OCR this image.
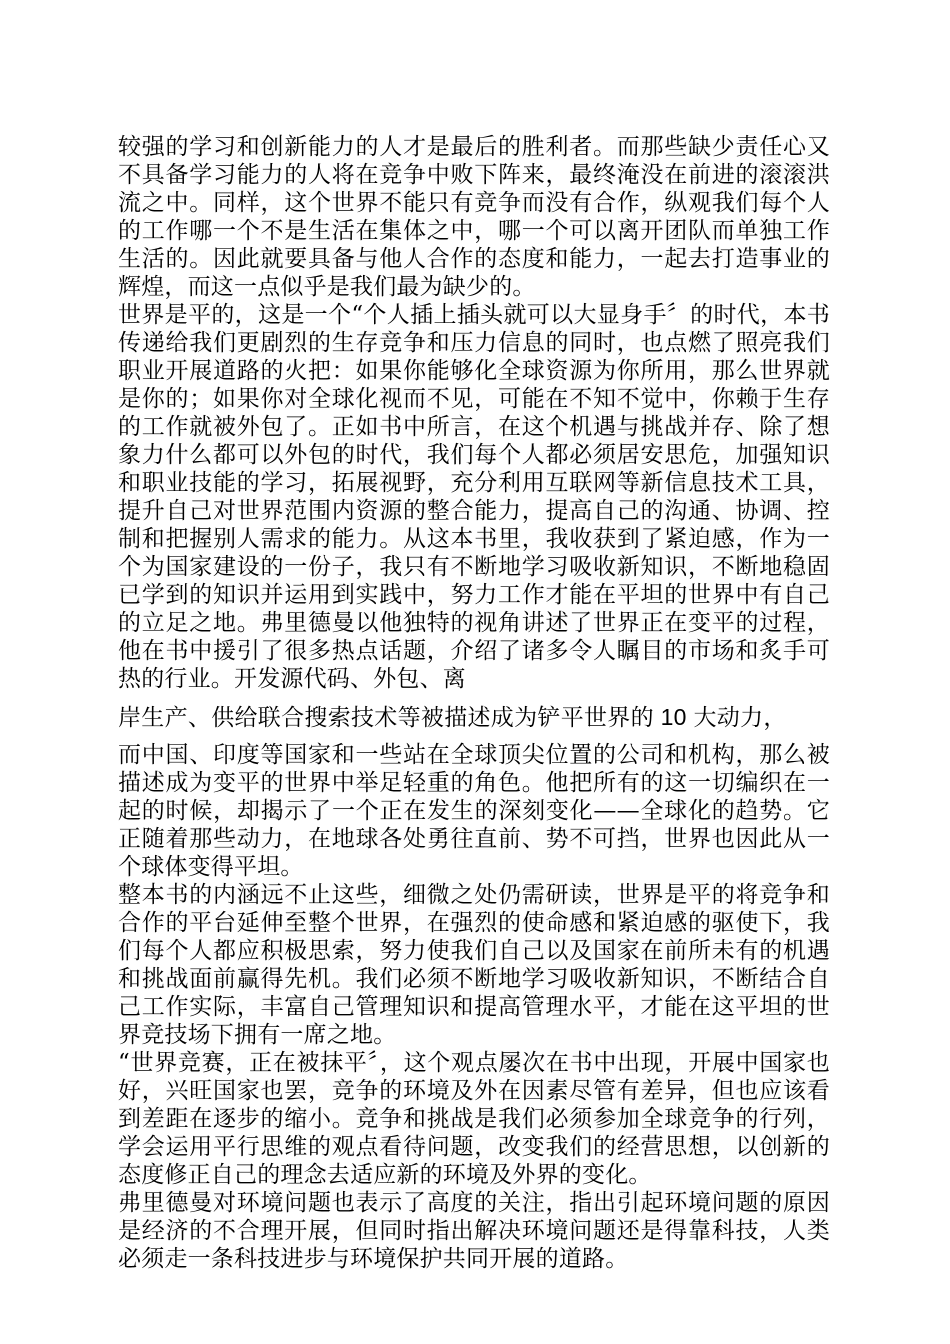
较强的学习和创新能力的人才是最后的胜利者。而那些缺少责任心又不具备学习能力的人将在竞争中败下阵来，最终淹没在前进的滚滚洪流之中。同样，这个世界不能只有竞争而没有合作，纵观我们每个人的工作哪一个不是生活在集体之中，哪一个可以离开团队而单独工作生活的。因此就要具备与他人合作的态度和能力，一起去打造事业的辉煌，而这一点似乎是我们最为缺少的。

世界是平的，这是一个“个人插上插头就可以大显身手〞的时代，本书传递给我们更剧烈的生存竞争和压力信息的同时，也点燃了照亮我们职业开展道路的火把：如果你能够化全球资源为你所用，那么世界就是你的；如果你对全球化视而不见，可能在不知不觉中，你赖于生存的工作就被外包了。正如书中所言，在这个机遇与挑战并存、除了想象力什么都可以外包的时代，我们每个人都必须居安思危，加强知识和职业技能的学习，拓展视野，充分利用互联网等新信息技术工具，提升自己对世界范围内资源的整合能力，提高自己的沟通、协调、控制和把握别人需求的能力。从这本书里，我收获到了紧迫感，作为一个为国家建设的一份子，我只有不断地学习吸收新知识，不断地稳固已学到的知识并运用到实践中，努力工作才能在平坦的世界中有自己的立足之地。弗里德曼以他独特的视角讲述了世界正在变平的过程，他在书中援引了很多热点话题，介绍了诸多令人瞩目的市场和炙手可热的行业。开发源代码、外包、离

岸生产、供给联合搜索技术等被描述成为铲平世界的 10 大动力，

而中国、印度等国家和一些站在全球顶尖位置的公司和机构，那么被描述成为变平的世界中举足轻重的角色。他把所有的这一切编织在一起的时候，却揭示了一个正在发生的深刻变化——全球化的趋势。它正随着那些动力，在地球各处勇往直前、势不可挡，世界也因此从一个球体变得平坦。

整本书的内涵远不止这些，细微之处仍需研读，世界是平的将竞争和合作的平台延伸至整个世界，在强烈的使命感和紧迫感的驱使下，我们每个人都应积极思索，努力使我们自己以及国家在前所未有的机遇和挑战面前赢得先机。我们必须不断地学习吸收新知识，不断结合自己工作实际，丰富自己管理知识和提高管理水平，才能在这平坦的世界竞技场下拥有一席之地。

“世界竞赛，正在被抹平〞，这个观点屡次在书中出现，开展中国家也好，兴旺国家也罢，竞争的环境及外在因素尽管有差异，但也应该看到差距在逐步的缩小。竞争和挑战是我们必须参加全球竞争的行列，学会运用平行思维的观点看待问题，改变我们的经营思想，以创新的态度修正自己的理念去适应新的环境及外界的变化。

弗里德曼对环境问题也表示了高度的关注，指出引起环境问题的原因是经济的不合理开展，但同时指出解决环境问题还是得靠科技，人类必须走一条科技进步与环境保护共同开展的道路。
